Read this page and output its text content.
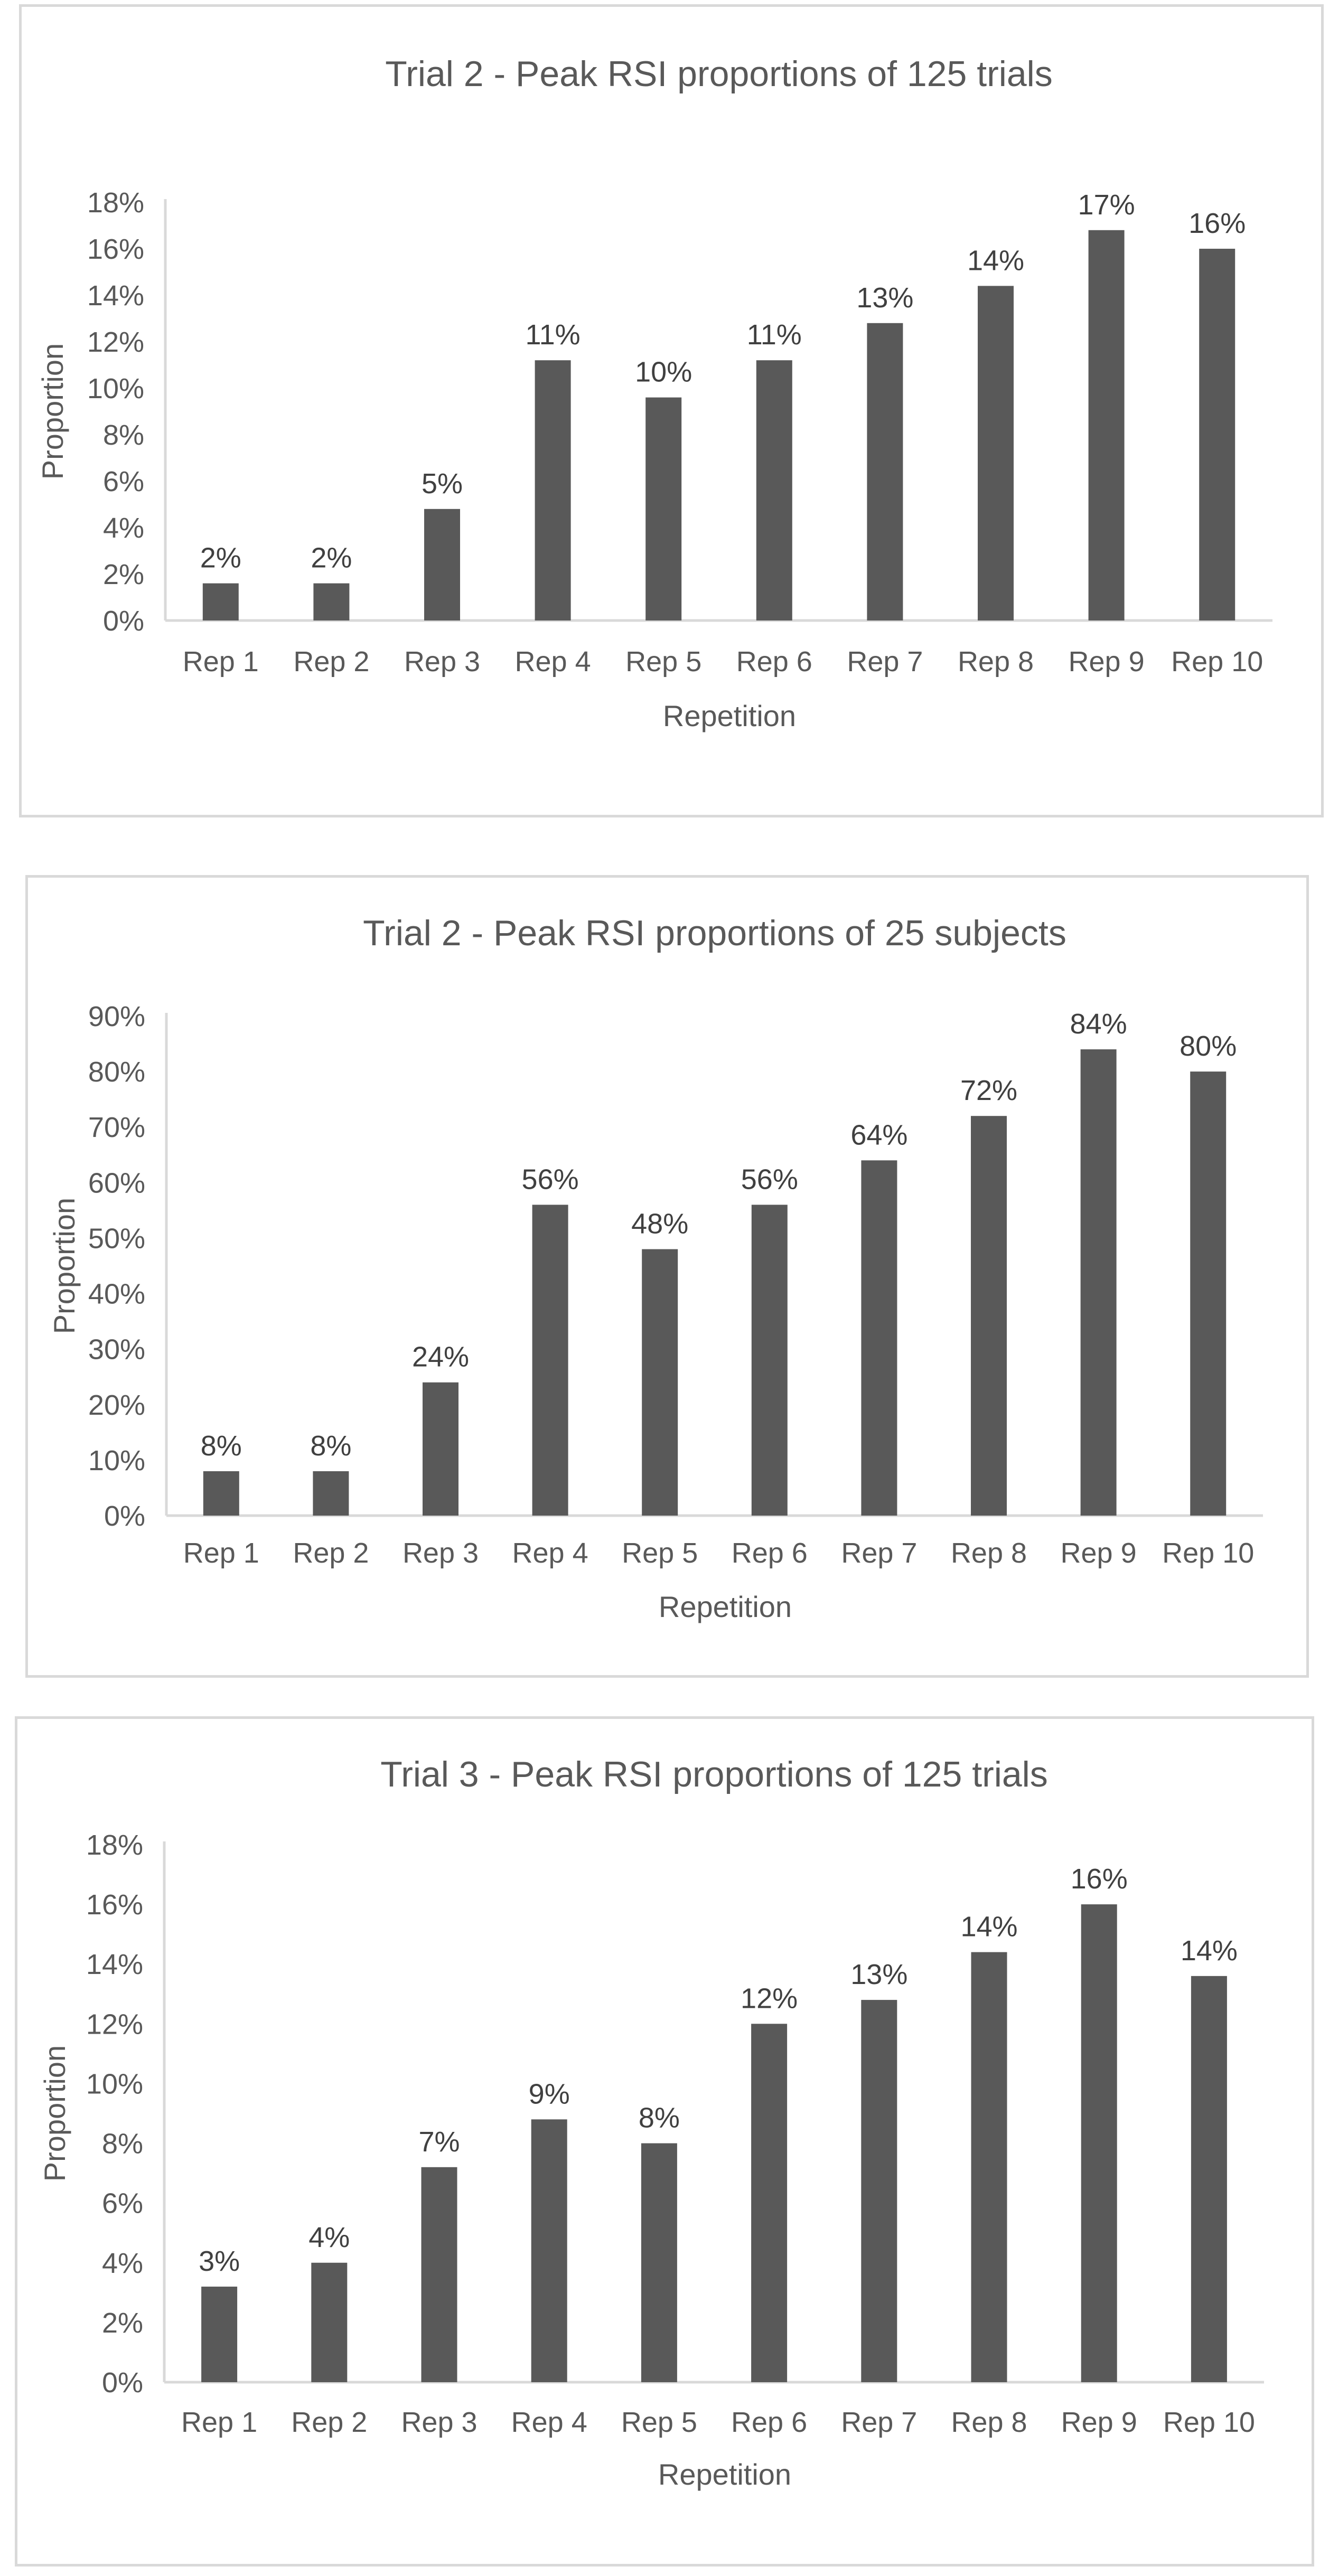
Trial 2 - Peak RSI proportions of 125 trials
0%
2%
4%
6%
8%
10%
12%
14%
16%
18%
2%
Rep 1
2%
Rep 2
5%
Rep 3
11%
Rep 4
10%
Rep 5
11%
Rep 6
13%
Rep 7
14%
Rep 8
17%
Rep 9
16%
Rep 10
Repetition
Proportion
Trial 2 - Peak RSI proportions of 25 subjects
0%
10%
20%
30%
40%
50%
60%
70%
80%
90%
8%
Rep 1
8%
Rep 2
24%
Rep 3
56%
Rep 4
48%
Rep 5
56%
Rep 6
64%
Rep 7
72%
Rep 8
84%
Rep 9
80%
Rep 10
Repetition
Proportion
Trial 3 - Peak RSI proportions of 125 trials
0%
2%
4%
6%
8%
10%
12%
14%
16%
18%
3%
Rep 1
4%
Rep 2
7%
Rep 3
9%
Rep 4
8%
Rep 5
12%
Rep 6
13%
Rep 7
14%
Rep 8
16%
Rep 9
14%
Rep 10
Repetition
Proportion
